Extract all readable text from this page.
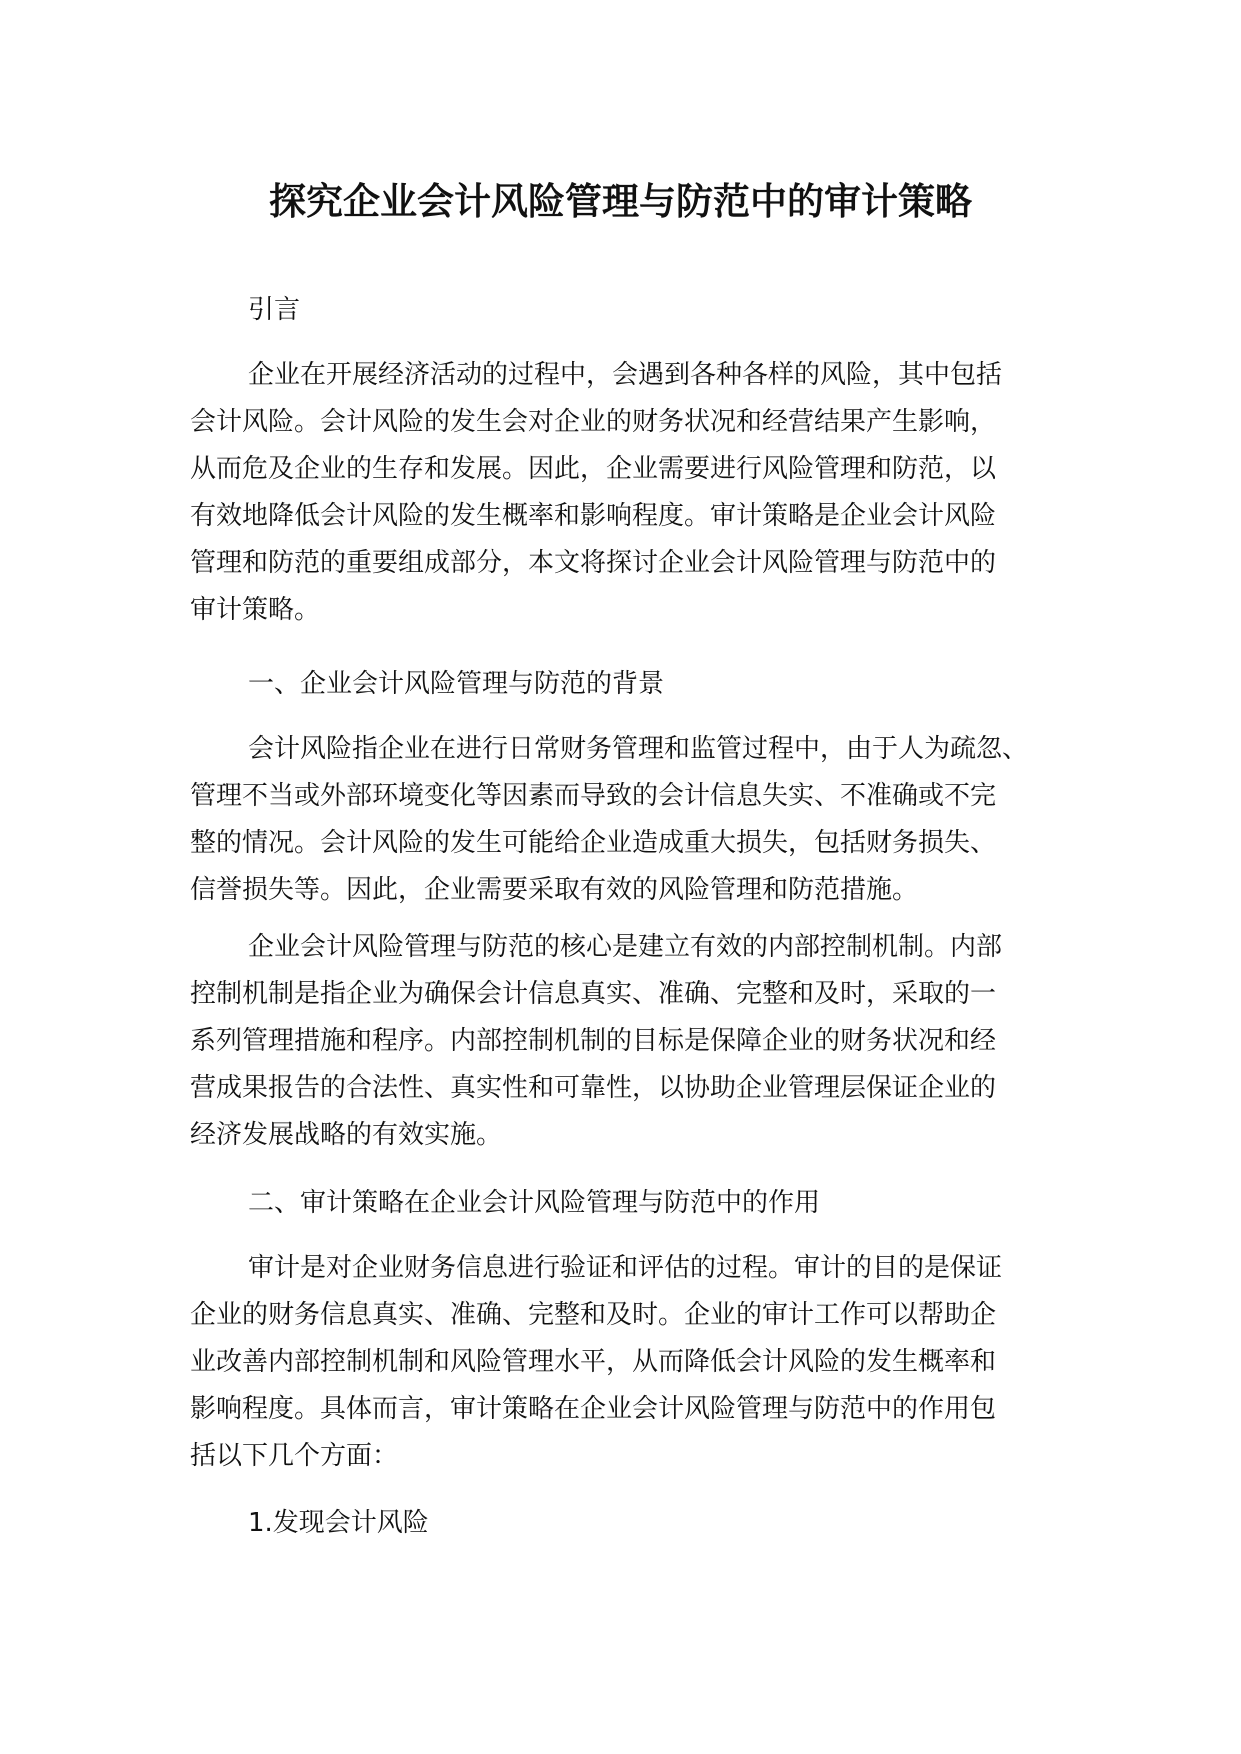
探究企业会计风险管理与防范中的审计策略

引言

企业在开展经济活动的过程中，会遇到各种各样的风险，其中包括
会计风险。会计风险的发生会对企业的财务状况和经营结果产生影响，
从而危及企业的生存和发展。因此，企业需要进行风险管理和防范，以
有效地降低会计风险的发生概率和影响程度。审计策略是企业会计风险
管理和防范的重要组成部分，本文将探讨企业会计风险管理与防范中的
审计策略。

一、企业会计风险管理与防范的背景

会计风险指企业在进行日常财务管理和监管过程中，由于人为疏忽、
管理不当或外部环境变化等因素而导致的会计信息失实、不准确或不完
整的情况。会计风险的发生可能给企业造成重大损失，包括财务损失、
信誉损失等。因此，企业需要采取有效的风险管理和防范措施。
企业会计风险管理与防范的核心是建立有效的内部控制机制。内部
控制机制是指企业为确保会计信息真实、准确、完整和及时，采取的一
系列管理措施和程序。内部控制机制的目标是保障企业的财务状况和经
营成果报告的合法性、真实性和可靠性，以协助企业管理层保证企业的
经济发展战略的有效实施。

二、审计策略在企业会计风险管理与防范中的作用

审计是对企业财务信息进行验证和评估的过程。审计的目的是保证
企业的财务信息真实、准确、完整和及时。企业的审计工作可以帮助企
业改善内部控制机制和风险管理水平，从而降低会计风险的发生概率和
影响程度。具体而言，审计策略在企业会计风险管理与防范中的作用包
括以下几个方面：

1.发现会计风险
